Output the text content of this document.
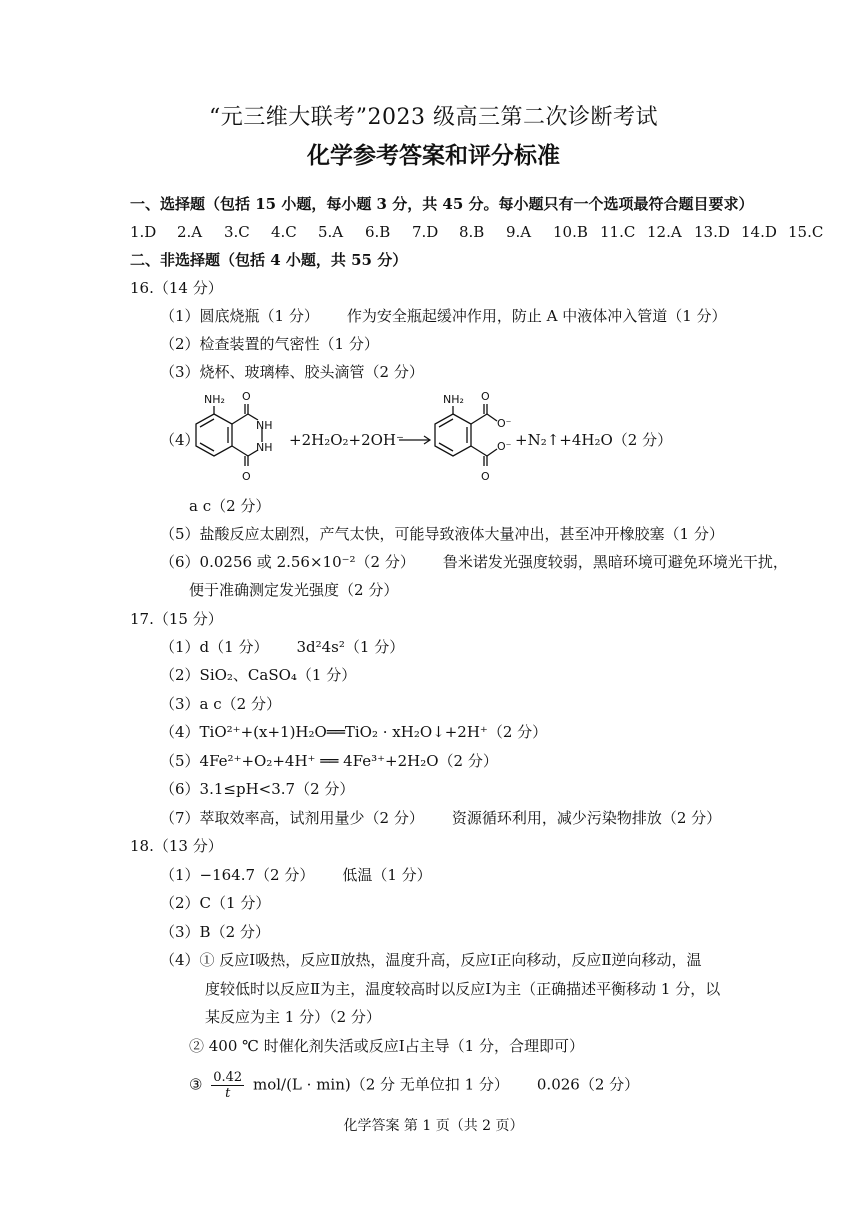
“元三维大联考”2023 级高三第二次诊断考试
化学参考答案和评分标准
一、选择题（包括 15 小题，每小题 3 分，共 45 分。每小题只有一个选项最符合题目要求）
1.D 2.A 3.C 4.C 5.A 6.B 7.D 8.B 9.A 10.B 11.C 12.A 13.D 14.D 15.C
二、非选择题（包括 4 小题，共 55 分）
16.（14 分）
（1）圆底烧瓶（1 分） 作为安全瓶起缓冲作用，防止 A 中液体冲入管道（1 分）
（2）检查装置的气密性（1 分）
（3）烧杯、玻璃棒、胶头滴管（2 分）
（4）
NH₂ O
O
NH
NH +2H₂O₂+2OH⁻
NH₂ O
O
O⁻
O⁻ +N₂↑+4H₂O（2 分）
a c（2 分）
（5）盐酸反应太剧烈，产气太快，可能导致液体大量冲出，甚至冲开橡胶塞（1 分）
（6）0.0256 或 2.56×10⁻²（2 分） 鲁米诺发光强度较弱，黑暗环境可避免环境光干扰，
便于准确测定发光强度（2 分）
17.（15 分）
（1）d（1 分） 3d²4s²（1 分）
（2）SiO₂、CaSO₄（1 分）
（3）a c（2 分）
（4）TiO²⁺+(x+1)H₂O══TiO₂ · xH₂O↓+2H⁺（2 分）
（5）4Fe²⁺+O₂+4H⁺ ══ 4Fe³⁺+2H₂O（2 分）
（6）3.1≤pH<3.7（2 分）
（7）萃取效率高，试剂用量少（2 分） 资源循环利用，减少污染物排放（2 分）
18.（13 分）
（1）−164.7（2 分） 低温（1 分）
（2）C（1 分）
（3）B（2 分）
（4）① 反应Ⅰ吸热，反应Ⅱ放热，温度升高，反应Ⅰ正向移动，反应Ⅱ逆向移动，温
度较低时以反应Ⅱ为主，温度较高时以反应Ⅰ为主（正确描述平衡移动 1 分，以
某反应为主 1 分）（2 分）
② 400 ℃ 时催化剂失活或反应Ⅰ占主导（1 分，合理即可）
③ $\frac{0.42}{t} mol/(L \cdot \min)(2$ 分 无单位扣 1 分） 0.026（2 分）
化学答案 第 1 页（共 2 页）
